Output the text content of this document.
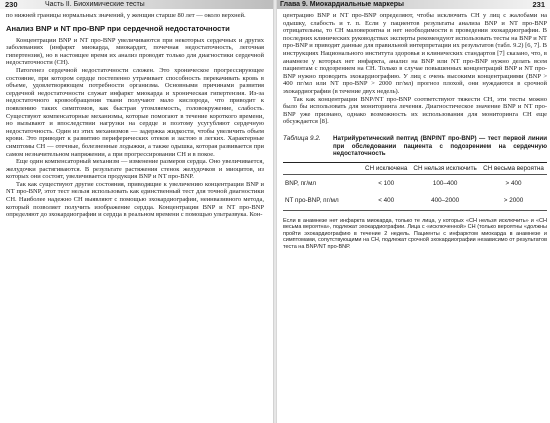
230	Часть II. Биохимические тесты

по нижней границы нормальных значений, у женщин старше 80 лет — около верхней.

Анализ BNP и NT про-BNP при сердечной недостаточности

Концентрации BNP и NT про-BNP увеличиваются при некоторых сердечных и других заболеваниях (инфаркт миокарда, миокардит, почечная недостаточность, легочная гипертензия), но в настоящее время их анализ проводят только для диагностики сердечной недостаточности (СН).

Патогенез сердечной недостаточности сложен. Это хроническое прогрессирующее состояние, при котором сердце постепенно утрачивает способность перекачивать кровь в объеме, удовлетворяющем потребности организма. Основными причинами развития сердечной недостаточности служат инфаркт миокарда и хроническая гипертензия. Из-за недостаточного кровообращения ткани получают мало кислорода, что приводит к появлению таких симптомов, как быстрая утомляемость, головокружение, слабость. Существуют компенсаторные механизмы, которые помогают в течение короткого времени, но вызывают и впоследствии нагрузки на сердце и поэтому усугубляют сердечную недостаточность. Один из этих механизмов — задержка жидкости, чтобы увеличить объем крови. Это приводит к развитию периферических отеков и застою в легких. Характерные симптомы СН — отечные, болезненные лодыжки, а также одышка, которая развивается при самом незначительном напряжении, а при прогрессировании СН и в покое.

Еще один компенсаторный механизм — изменение размеров сердца. Оно увеличивается, желудочки растягиваются. В результате растяжения стенок желудочков и миоцитов, из которых они состоят, увеличивается продукция BNP и NT про-BNP.

Так как существуют другие состояния, приводящие к увеличению концентрации BNP и NT про-BNP, этот тест нельзя использовать как единственный тест для точной диагностики СН. Наиболее надежно СН выявляют с помощью эхокардиографии, неинвазивного метода, который позволяет получить изображение сердца. Концентрации BNP и NT про-BNP определяют до эхокардиографии и сердца в реальном времени с помощью ультразвука. Кон-

Глава 9. Миокардиальные маркеры	231

центрацию BNP и NT про-BNP определяют, чтобы исключить СН у лиц с жалобами на одышку, слабость и т. п. Если у пациентов результаты анализа BNP и NT про-BNP отрицательны, то СН маловероятна и нет необходимости в проведении эхокардиографии. В последних клинических руководствах эксперты рекомендуют использовать тесты на BNP и NT про-BNP и приводят данные для правильной интерпретации их результатов (табл. 9.2) [6, 7]. В инструкциях Национального института здоровья и клинических стандартов [7] сказано, что, в анамнезе у которых нет инфаркта, анализ на BNP или NT про-BNP нужно делать всем пациентам с подозрением на СН. Только в случае повышенных концентраций BNP и NT про-BNP нужно проводить эхокардиографию. У лиц с очень высокими концентрациями (BNP > 400 пг/мл или NT про-BNP > 2000 пг/мл) прогноз плохой, они нуждаются в срочной эхокардиографии (в течение двух недель).

Так как концентрации BNP/NT про-BNP соответствуют тяжести СН, эти тесты можно было бы использовать для мониторинга лечения. Диагностическое значение BNP и NT про-BNP уже признано, однако возможность их использования для мониторинга СН еще обсуждается [8].

Таблица 9.2.	Натрийуретический пептид (BNP/NT про-BNP) — тест первой линии при обследовании пациента с подозрением на сердечную недостаточность
	СН исключена	СН нельзя исключить	СН весьма вероятна
BNP, пг/мл	< 100	100–400	> 400
NT про-BNP, пг/мл	< 400	400–2000	> 2000
Если в анамнезе нет инфаркта миокарда, только те лица, у которых «СН нельзя исключить» и «СН весьма вероятна», подлежат эхокардиографии. Лица с «исключенной» СН (только вероятны «должны пройти эхокардиографию в течение 2 недель. Пациенты с инфарктом миокарда в анамнезе и симптомами, сопутствующими на СН, подлежат срочной эхокардиографии независимо от результатов теста на BNP/NT про-BNP.
